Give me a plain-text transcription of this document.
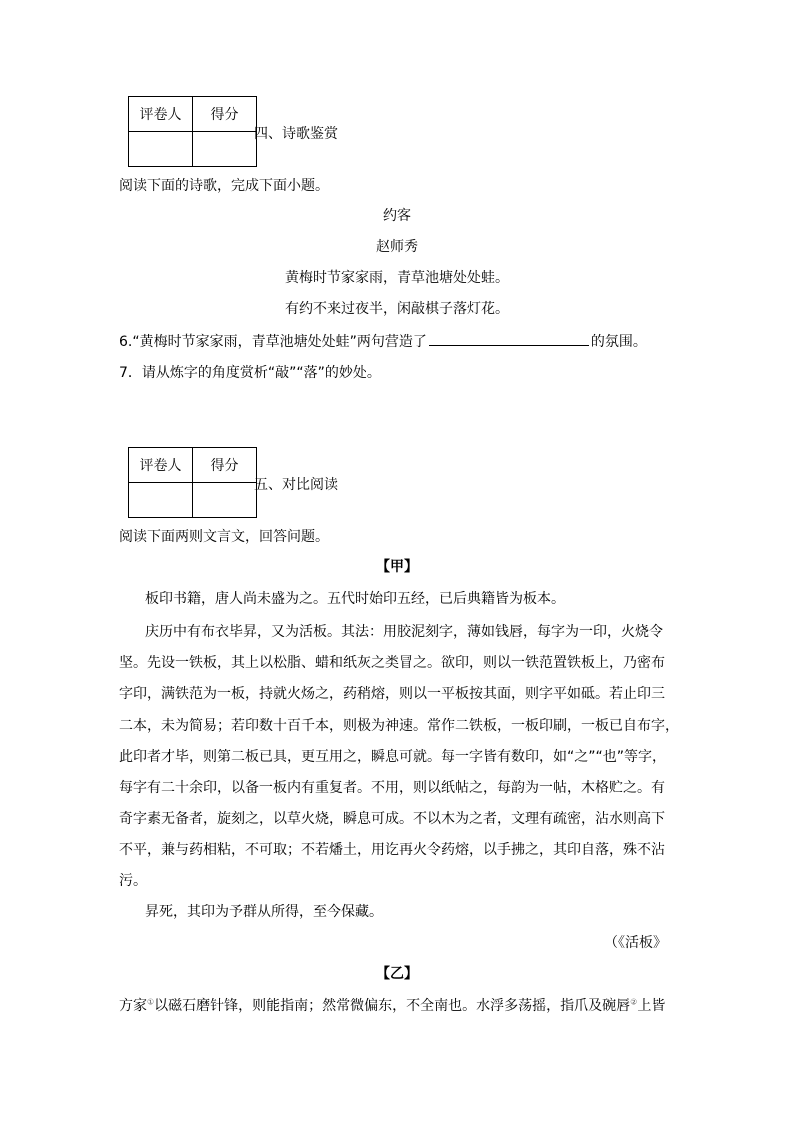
评卷人	得分

四、诗歌鉴赏
阅读下面的诗歌，完成下面小题。
约客
赵师秀
黄梅时节家家雨，青草池塘处处蛙。
有约不来过夜半，闲敲棋子落灯花。
6.“黄梅时节家家雨，青草池塘处处蛙”两句营造了	的氛围。
7．请从炼字的角度赏析“敲”“落”的妙处。
评卷人	得分

五、对比阅读
阅读下面两则文言文，回答问题。
【甲】
板印书籍，唐人尚未盛为之。五代时始印五经，已后典籍皆为板本。
庆历中有布衣毕昇，又为活板。其法：用胶泥刻字，薄如钱唇，每字为一印，火烧令
坚。先设一铁板，其上以松脂、蜡和纸灰之类冒之。欲印，则以一铁范置铁板上，乃密布
字印，满铁范为一板，持就火炀之，药稍熔，则以一平板按其面，则字平如砥。若止印三
二本，未为简易；若印数十百千本，则极为神速。常作二铁板，一板印刷，一板已自布字，
此印者才毕，则第二板已具，更互用之，瞬息可就。每一字皆有数印，如“之”“也”等字，
每字有二十余印，以备一板内有重复者。不用，则以纸帖之，每韵为一帖，木格贮之。有
奇字素无备者，旋刻之，以草火烧，瞬息可成。不以木为之者，文理有疏密，沾水则高下
不平，兼与药相粘，不可取；不若燔土，用讫再火令药熔，以手拂之，其印自落，殊不沾
污。
昇死，其印为予群从所得，至今保藏。
（《活板》
【乙】
方家①以磁石磨针锋，则能指南；然常微偏东，不全南也。水浮多荡摇，指爪及碗唇②上皆
